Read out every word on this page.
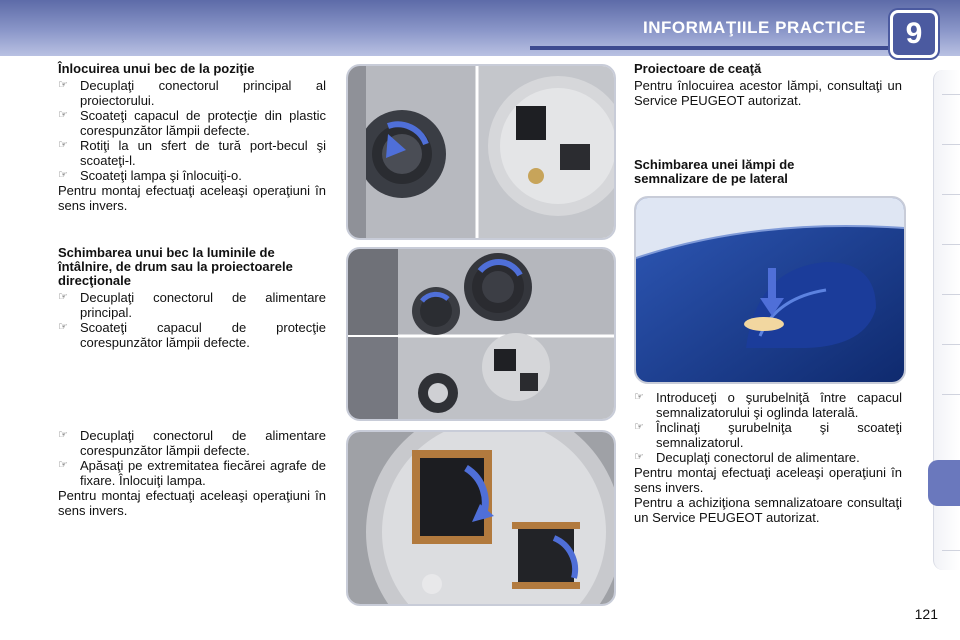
INFORMAŢIILE PRACTICE	9
Înlocuirea unui bec de la poziţie
☞ Decuplaţi conectorul principal al proiectorului.
☞ Scoateţi capacul de protecţie din plastic corespunzător lămpii defecte.
☞ Rotiţi la un sfert de tură port-becul şi scoateţi-l.
☞ Scoateţi lampa şi înlocuiţi-o.

Pentru montaj efectuaţi aceleaşi operaţiuni în sens invers.

Schimbarea unui bec la luminile de întâlnire, de drum sau la proiectoarele direcţionale
☞ Decuplaţi conectorul de alimentare principal.
☞ Scoateţi capacul de protecţie corespunzător lămpii defecte.
☞ Decuplaţi conectorul de alimentare corespunzător lămpii defecte.
☞ Apăsaţi pe extremitatea fiecărei agrafe de fixare. Înlocuiţi lampa.

Pentru montaj efectuaţi aceleaşi operaţiuni în sens invers.

Proiectoare de ceaţă

Pentru înlocuirea acestor lămpi, consultaţi un Service PEUGEOT autorizat.

Schimbarea unei lămpi de semnalizare de pe lateral
☞ Introduceţi o şurubelniţă între capacul semnalizatorului şi oglinda laterală.
☞ Înclinaţi şurubelniţa şi scoateţi semnalizatorul.
☞ Decuplaţi conectorul de alimentare.

Pentru montaj efectuaţi aceleaşi operaţiuni în sens invers.

Pentru a achiziţiona semnalizatoare consultaţi un Service PEUGEOT autorizat.

121
